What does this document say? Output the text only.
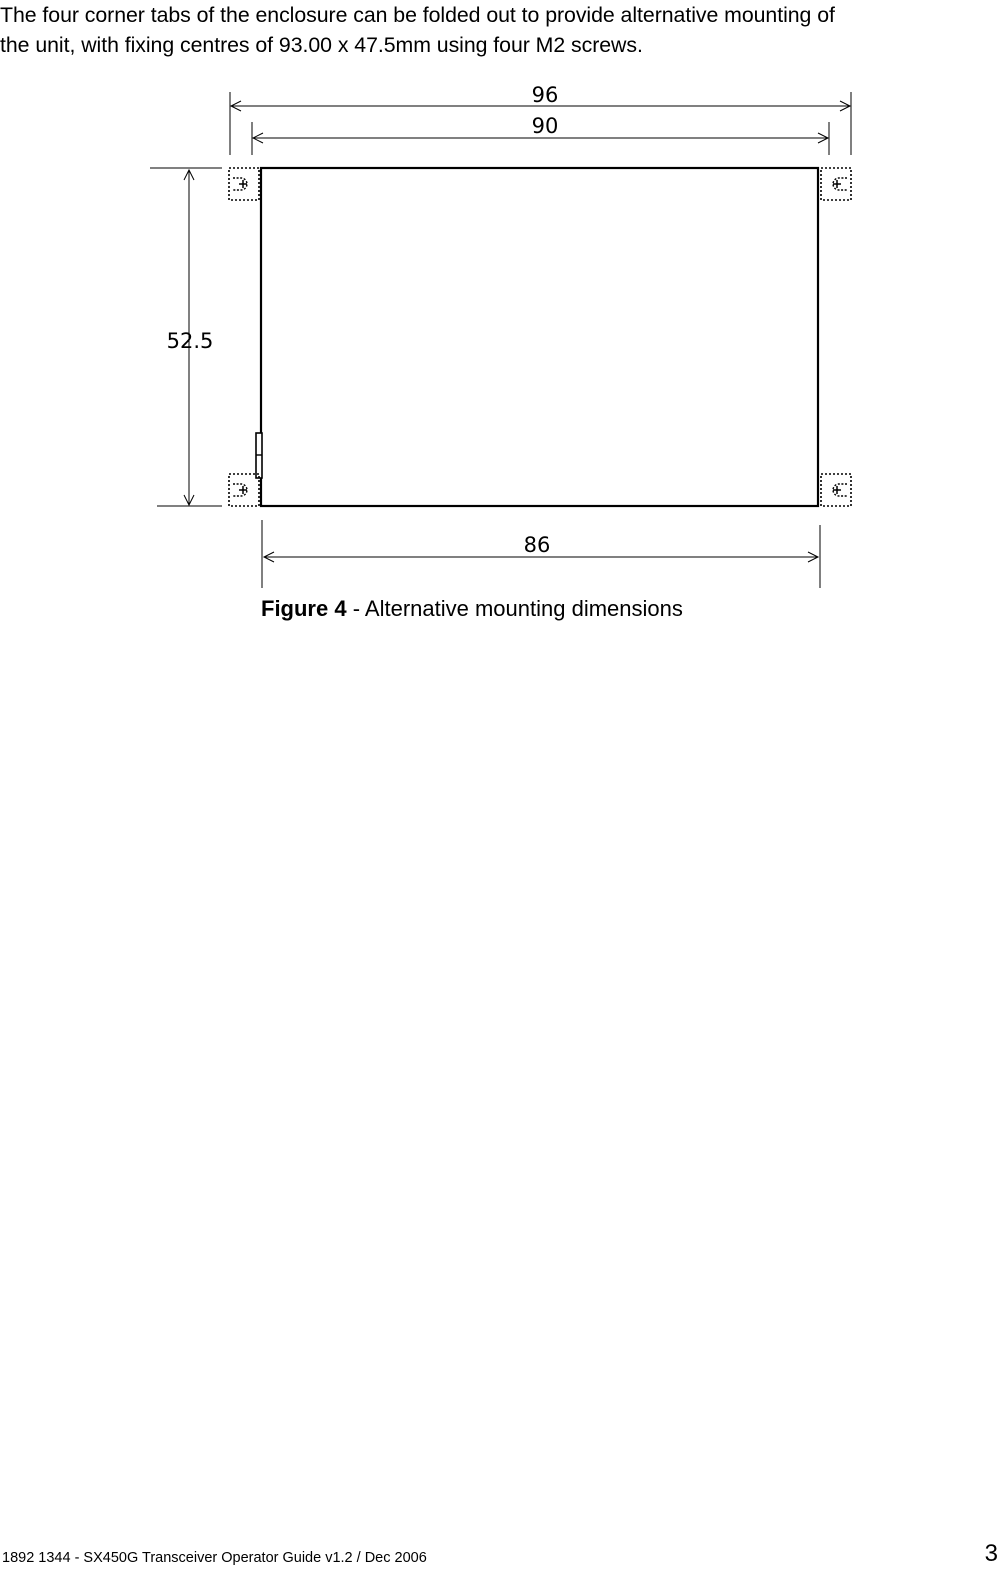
The four corner tabs of the enclosure can be folded out to provide alternative mounting of
the unit, with fixing centres of 93.00 x 47.5mm using four M2 screws.
96
90
52.5
86

Figure 4 - Alternative mounting dimensions

1892 1344 - SX450G Transceiver Operator Guide v1.2 / Dec 2006	3
